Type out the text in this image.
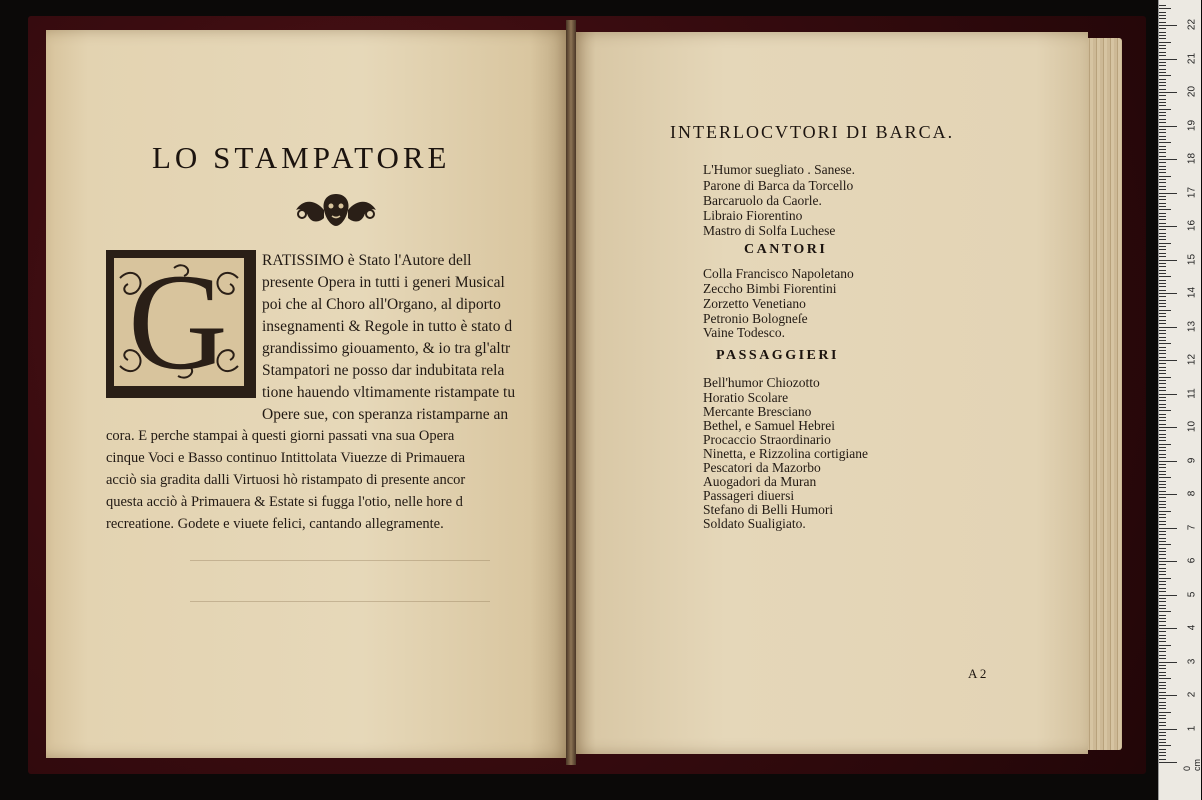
LO STAMPATORE
G RATISSIMO è Stato l'Autore dell
presente Opera in tutti i generi Musical
poi che al Choro all'Organo, al diporto
insegnamenti & Regole in tutto è stato d
grandissimo giouamento, & io tra gl'altr
Stampatori ne posso dar indubitata rela
tione hauendo vltimamente ristampate tu
Opere sue, con speranza ristamparne an
cora. E perche stampai à questi giorni passati vna sua Opera
cinque Voci e Basso continuo Intittolata Viuezze di Primauera
acciò sia gradita dalli Virtuosi hò ristampato di presente ancor
questa acciò à Primauera & Estate si fugga l'otio, nelle hore d
recreatione. Godete e viuete felici, cantando allegramente.
INTERLOCVTORI DI BARCA.
L'Humor suegliato . Sanese.
Parone di Barca da Torcello
Barcaruolo da Caorle.
Libraio Fiorentino
Mastro di Solfa Luchese
CANTORI
Colla Francisco Napoletano
Zeccho Bimbi Fiorentini
Zorzetto Venetiano
Petronio Bologneſe
Vaine Todesco.
PASSAGGIERI
Bell'humor Chiozotto
Horatio Scolare
Mercante Bresciano
Bethel, e Samuel Hebrei
Procaccio Straordinario
Ninetta, e Rizzolina cortigiane
Pescatori da Mazorbo
Auogadori da Muran
Passageri diuersi
Stefano di Belli Humori
Soldato Sualigiato.
A 2
0 cm
1
2
3
4
5
6
7
8
9
10
11
12
13
14
15
16
17
18
19
20
21
22
